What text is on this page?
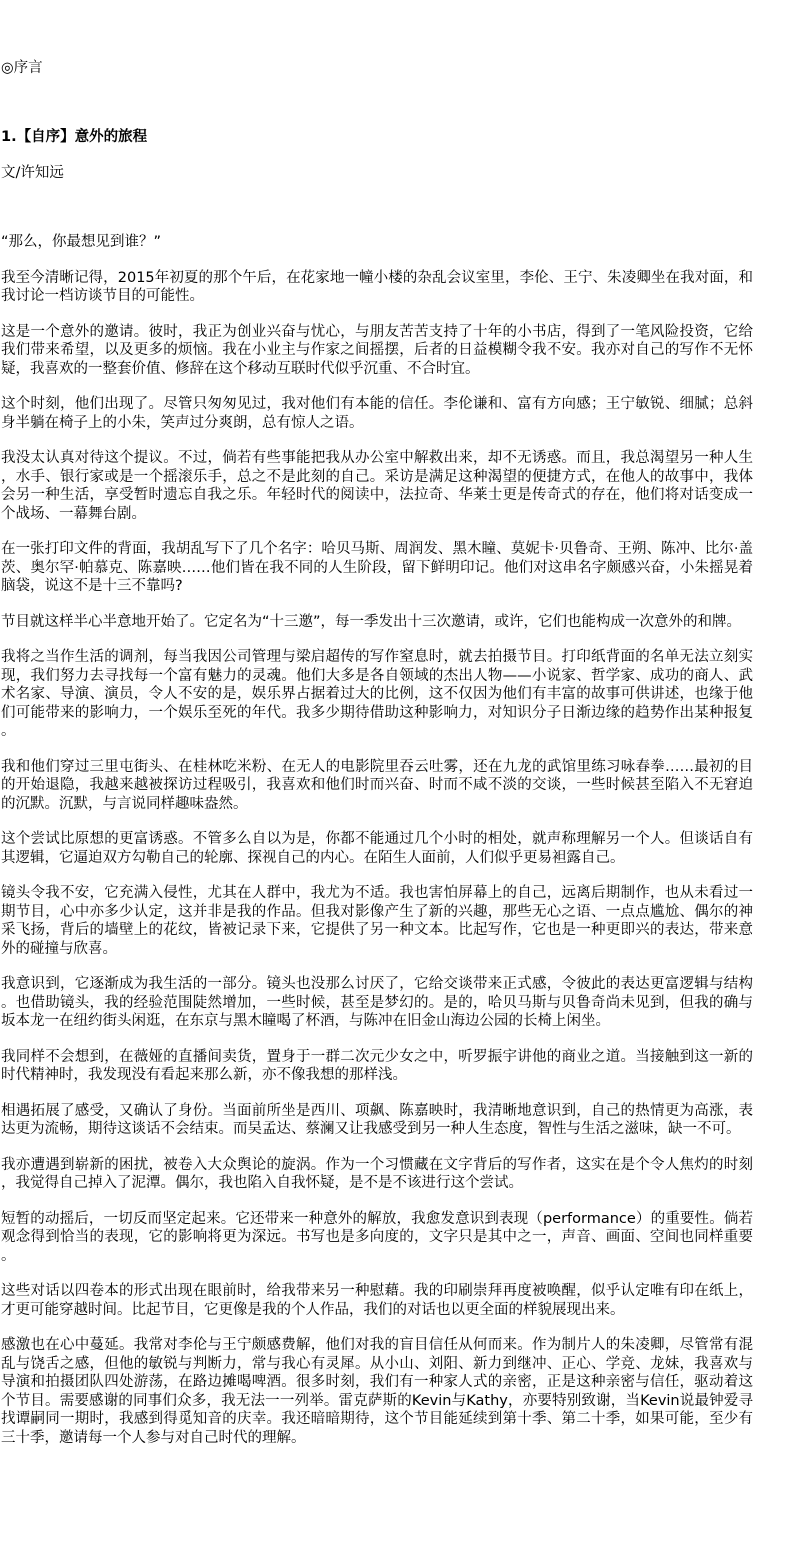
◎序言

1.【自序】意外的旅程

文/许知远

“那么，你最想见到谁？”

我至今清晰记得，2015年初夏的那个午后，在花家地一幢小楼的杂乱会议室里，李伦、王宁、朱凌卿坐在我对面，和我讨论一档访谈节目的可能性。

这是一个意外的邀请。彼时，我正为创业兴奋与忧心，与朋友苦苦支持了十年的小书店，得到了一笔风险投资，它给我们带来希望，以及更多的烦恼。我在小业主与作家之间摇摆，后者的日益模糊令我不安。我亦对自己的写作不无怀疑，我喜欢的一整套价值、修辞在这个移动互联时代似乎沉重、不合时宜。

这个时刻，他们出现了。尽管只匆匆见过，我对他们有本能的信任。李伦谦和、富有方向感；王宁敏锐、细腻；总斜身半躺在椅子上的小朱，笑声过分爽朗，总有惊人之语。

我没太认真对待这个提议。不过，倘若有些事能把我从办公室中解救出来，却不无诱惑。而且，我总渴望另一种人生，水手、银行家或是一个摇滚乐手，总之不是此刻的自己。采访是满足这种渴望的便捷方式，在他人的故事中，我体会另一种生活，享受暂时遗忘自我之乐。年轻时代的阅读中，法拉奇、华莱士更是传奇式的存在，他们将对话变成一个战场、一幕舞台剧。

在一张打印文件的背面，我胡乱写下了几个名字：哈贝马斯、周润发、黑木瞳、莫妮卡·贝鲁奇、王朔、陈冲、比尔·盖茨、奥尔罕·帕慕克、陈嘉映……他们皆在我不同的人生阶段，留下鲜明印记。他们对这串名字颇感兴奋，小朱摇晃着脑袋，说这不是十三不靠吗?

节目就这样半心半意地开始了。它定名为“十三邀”，每一季发出十三次邀请，或许，它们也能构成一次意外的和牌。

我将之当作生活的调剂，每当我因公司管理与梁启超传的写作窒息时，就去拍摄节目。打印纸背面的名单无法立刻实现，我们努力去寻找每一个富有魅力的灵魂。他们大多是各自领域的杰出人物——小说家、哲学家、成功的商人、武术名家、导演、演员，令人不安的是，娱乐界占据着过大的比例，这不仅因为他们有丰富的故事可供讲述，也缘于他们可能带来的影响力，一个娱乐至死的年代。我多少期待借助这种影响力，对知识分子日渐边缘的趋势作出某种报复。

我和他们穿过三里屯街头、在桂林吃米粉、在无人的电影院里吞云吐雾，还在九龙的武馆里练习咏春拳……最初的目的开始退隐，我越来越被探访过程吸引，我喜欢和他们时而兴奋、时而不咸不淡的交谈，一些时候甚至陷入不无窘迫的沉默。沉默，与言说同样趣味盎然。

这个尝试比原想的更富诱惑。不管多么自以为是，你都不能通过几个小时的相处，就声称理解另一个人。但谈话自有其逻辑，它逼迫双方勾勒自己的轮廓、探视自己的内心。在陌生人面前，人们似乎更易袒露自己。

镜头令我不安，它充满入侵性，尤其在人群中，我尤为不适。我也害怕屏幕上的自己，远离后期制作，也从未看过一期节目，心中亦多少认定，这并非是我的作品。但我对影像产生了新的兴趣，那些无心之语、一点点尴尬、偶尔的神采飞扬，背后的墙壁上的花纹，皆被记录下来，它提供了另一种文本。比起写作，它也是一种更即兴的表达，带来意外的碰撞与欣喜。

我意识到，它逐渐成为我生活的一部分。镜头也没那么讨厌了，它给交谈带来正式感，令彼此的表达更富逻辑与结构。也借助镜头，我的经验范围陡然增加，一些时候，甚至是梦幻的。是的，哈贝马斯与贝鲁奇尚未见到，但我的确与坂本龙一在纽约街头闲逛，在东京与黑木瞳喝了杯酒，与陈冲在旧金山海边公园的长椅上闲坐。

我同样不会想到，在薇娅的直播间卖货，置身于一群二次元少女之中，听罗振宇讲他的商业之道。当接触到这一新的时代精神时，我发现没有看起来那么新，亦不像我想的那样浅。

相遇拓展了感受，又确认了身份。当面前所坐是西川、项飙、陈嘉映时，我清晰地意识到，自己的热情更为高涨，表达更为流畅，期待这谈话不会结束。而吴孟达、蔡澜又让我感受到另一种人生态度，智性与生活之滋味，缺一不可。

我亦遭遇到崭新的困扰，被卷入大众舆论的旋涡。作为一个习惯藏在文字背后的写作者，这实在是个令人焦灼的时刻，我觉得自己掉入了泥潭。偶尔，我也陷入自我怀疑，是不是不该进行这个尝试。

短暂的动摇后，一切反而坚定起来。它还带来一种意外的解放，我愈发意识到表现（performance）的重要性。倘若观念得到恰当的表现，它的影响将更为深远。书写也是多向度的，文字只是其中之一，声音、画面、空间也同样重要。

这些对话以四卷本的形式出现在眼前时，给我带来另一种慰藉。我的印刷崇拜再度被唤醒，似乎认定唯有印在纸上，才更可能穿越时间。比起节目，它更像是我的个人作品，我们的对话也以更全面的样貌展现出来。

感激也在心中蔓延。我常对李伦与王宁颇感费解，他们对我的盲目信任从何而来。作为制片人的朱凌卿，尽管常有混乱与饶舌之感，但他的敏锐与判断力，常与我心有灵犀。从小山、刘阳、新力到继冲、正心、学竞、龙妹，我喜欢与导演和拍摄团队四处游荡，在路边摊喝啤酒。很多时刻，我们有一种家人式的亲密，正是这种亲密与信任，驱动着这个节目。需要感谢的同事们众多，我无法一一列举。雷克萨斯的Kevin与Kathy，亦要特别致谢，当Kevin说最钟爱寻找谭嗣同一期时，我感到得觅知音的庆幸。我还暗暗期待，这个节目能延续到第十季、第二十季，如果可能，至少有三十季，邀请每一个人参与对自己时代的理解。
